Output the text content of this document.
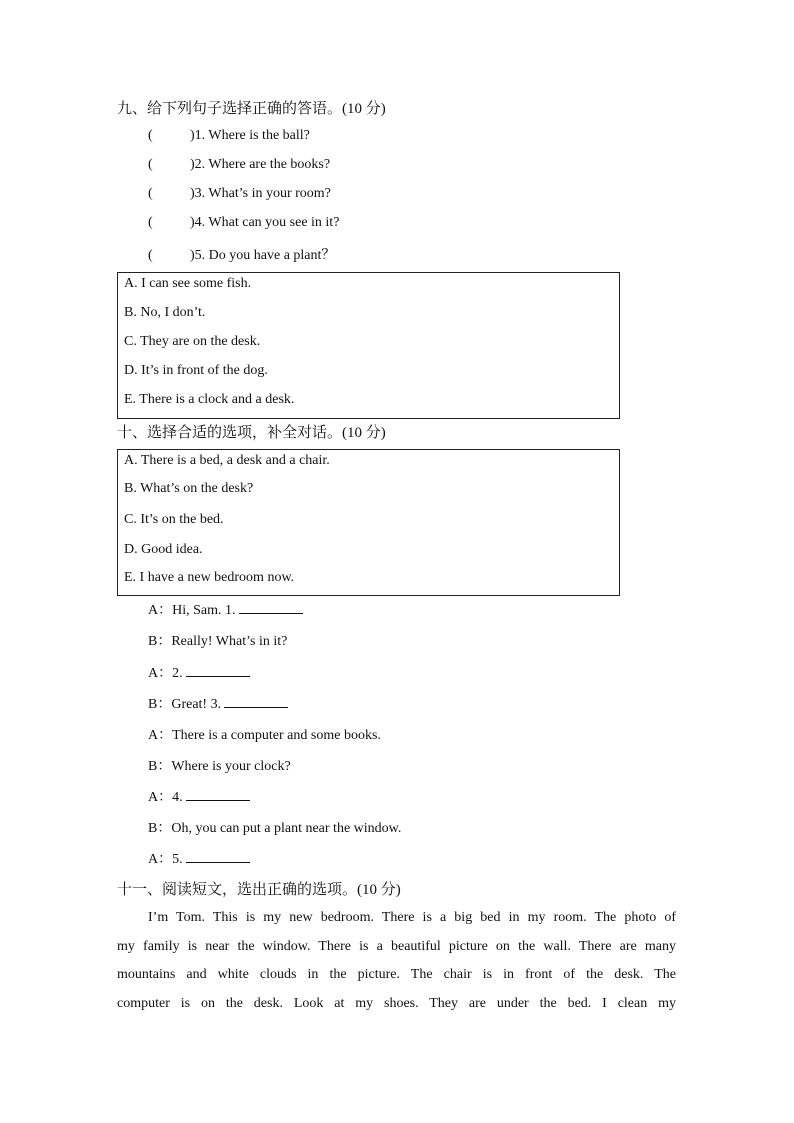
九、给下列句子选择正确的答语。(10 分)
(	)1. Where is the ball?
(	)2. Where are the books?
(	)3. What’s in your room?
(	)4. What can you see in it?
(	)5. Do you have a plant？
A. I can see some fish.
B. No, I don’t.
C. They are on the desk.
D. It’s in front of the dog.
E. There is a clock and a desk.
十、选择合适的选项，补全对话。(10 分)
A. There is a bed, a desk and a chair.
B. What’s on the desk?
C. It’s on the bed.
D. Good idea.
E. I have a new bedroom now.
A：Hi, Sam. 1.
B：Really! What’s in it?
A：2.
B：Great! 3.
A：There is a computer and some books.
B：Where is your clock?
A：4.
B：Oh, you can put a plant near the window.
A：5.
十一、阅读短文，选出正确的选项。(10 分)
I’m Tom. This is my new bedroom. There is a big bed in my room. The photo of
my family is near the window. There is a beautiful picture on the wall. There are many
mountains and white clouds in the picture. The chair is in front of the desk. The
computer is on the desk. Look at my shoes. They are under the bed. I clean my
